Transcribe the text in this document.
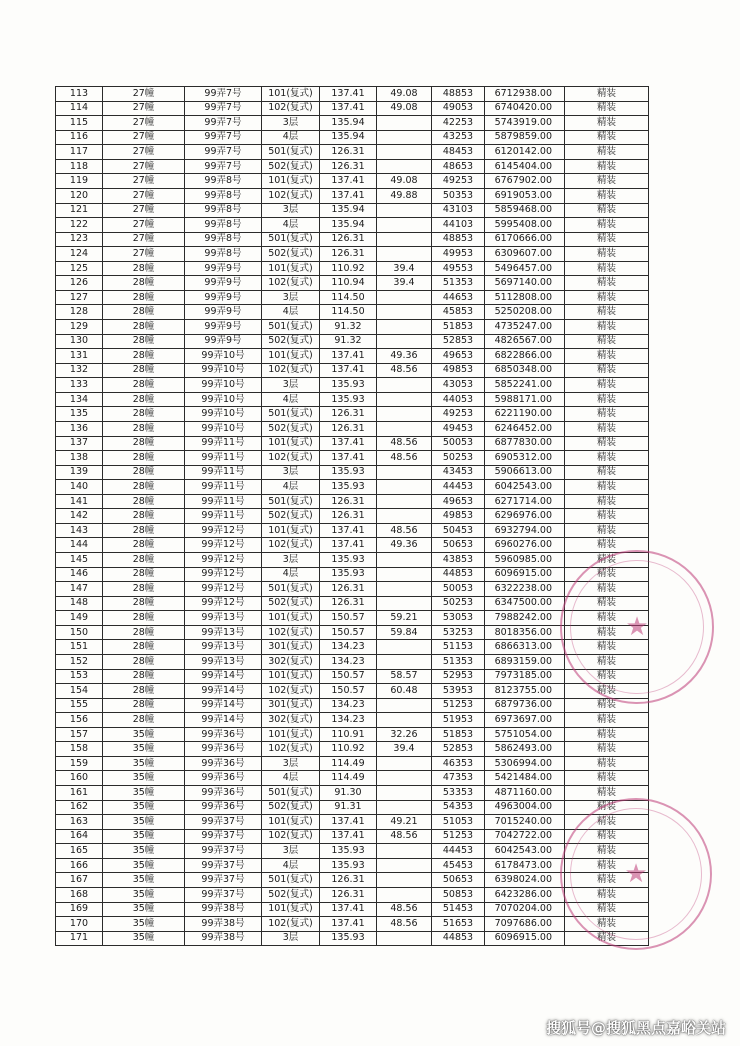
113	27幢	99弄7号	101(复式)	137.41	49.08	48853	6712938.00	精装
114	27幢	99弄7号	102(复式)	137.41	49.08	49053	6740420.00	精装
115	27幢	99弄7号	3层	135.94		42253	5743919.00	精装
116	27幢	99弄7号	4层	135.94		43253	5879859.00	精装
117	27幢	99弄7号	501(复式)	126.31		48453	6120142.00	精装
118	27幢	99弄7号	502(复式)	126.31		48653	6145404.00	精装
119	27幢	99弄8号	101(复式)	137.41	49.08	49253	6767902.00	精装
120	27幢	99弄8号	102(复式)	137.41	49.88	50353	6919053.00	精装
121	27幢	99弄8号	3层	135.94		43103	5859468.00	精装
122	27幢	99弄8号	4层	135.94		44103	5995408.00	精装
123	27幢	99弄8号	501(复式)	126.31		48853	6170666.00	精装
124	27幢	99弄8号	502(复式)	126.31		49953	6309607.00	精装
125	28幢	99弄9号	101(复式)	110.92	39.4	49553	5496457.00	精装
126	28幢	99弄9号	102(复式)	110.94	39.4	51353	5697140.00	精装
127	28幢	99弄9号	3层	114.50		44653	5112808.00	精装
128	28幢	99弄9号	4层	114.50		45853	5250208.00	精装
129	28幢	99弄9号	501(复式)	91.32		51853	4735247.00	精装
130	28幢	99弄9号	502(复式)	91.32		52853	4826567.00	精装
131	28幢	99弄10号	101(复式)	137.41	49.36	49653	6822866.00	精装
132	28幢	99弄10号	102(复式)	137.41	48.56	49853	6850348.00	精装
133	28幢	99弄10号	3层	135.93		43053	5852241.00	精装
134	28幢	99弄10号	4层	135.93		44053	5988171.00	精装
135	28幢	99弄10号	501(复式)	126.31		49253	6221190.00	精装
136	28幢	99弄10号	502(复式)	126.31		49453	6246452.00	精装
137	28幢	99弄11号	101(复式)	137.41	48.56	50053	6877830.00	精装
138	28幢	99弄11号	102(复式)	137.41	48.56	50253	6905312.00	精装
139	28幢	99弄11号	3层	135.93		43453	5906613.00	精装
140	28幢	99弄11号	4层	135.93		44453	6042543.00	精装
141	28幢	99弄11号	501(复式)	126.31		49653	6271714.00	精装
142	28幢	99弄11号	502(复式)	126.31		49853	6296976.00	精装
143	28幢	99弄12号	101(复式)	137.41	48.56	50453	6932794.00	精装
144	28幢	99弄12号	102(复式)	137.41	49.36	50653	6960276.00	精装
145	28幢	99弄12号	3层	135.93		43853	5960985.00	精装
146	28幢	99弄12号	4层	135.93		44853	6096915.00	精装
147	28幢	99弄12号	501(复式)	126.31		50053	6322238.00	精装
148	28幢	99弄12号	502(复式)	126.31		50253	6347500.00	精装
149	28幢	99弄13号	101(复式)	150.57	59.21	53053	7988242.00	精装
150	28幢	99弄13号	102(复式)	150.57	59.84	53253	8018356.00	精装
151	28幢	99弄13号	301(复式)	134.23		51153	6866313.00	精装
152	28幢	99弄13号	302(复式)	134.23		51353	6893159.00	精装
153	28幢	99弄14号	101(复式)	150.57	58.57	52953	7973185.00	精装
154	28幢	99弄14号	102(复式)	150.57	60.48	53953	8123755.00	精装
155	28幢	99弄14号	301(复式)	134.23		51253	6879736.00	精装
156	28幢	99弄14号	302(复式)	134.23		51953	6973697.00	精装
157	35幢	99弄36号	101(复式)	110.91	32.26	51853	5751054.00	精装
158	35幢	99弄36号	102(复式)	110.92	39.4	52853	5862493.00	精装
159	35幢	99弄36号	3层	114.49		46353	5306994.00	精装
160	35幢	99弄36号	4层	114.49		47353	5421484.00	精装
161	35幢	99弄36号	501(复式)	91.30		53353	4871160.00	精装
162	35幢	99弄36号	502(复式)	91.31		54353	4963004.00	精装
163	35幢	99弄37号	101(复式)	137.41	49.21	51053	7015240.00	精装
164	35幢	99弄37号	102(复式)	137.41	48.56	51253	7042722.00	精装
165	35幢	99弄37号	3层	135.93		44453	6042543.00	精装
166	35幢	99弄37号	4层	135.93		45453	6178473.00	精装
167	35幢	99弄37号	501(复式)	126.31		50653	6398024.00	精装
168	35幢	99弄37号	502(复式)	126.31		50853	6423286.00	精装
169	35幢	99弄38号	101(复式)	137.41	48.56	51453	7070204.00	精装
170	35幢	99弄38号	102(复式)	137.41	48.56	51653	7097686.00	精装
171	35幢	99弄38号	3层	135.93		44853	6096915.00	精装
★
★
搜狐号@搜狐黑点嘉峪关站
